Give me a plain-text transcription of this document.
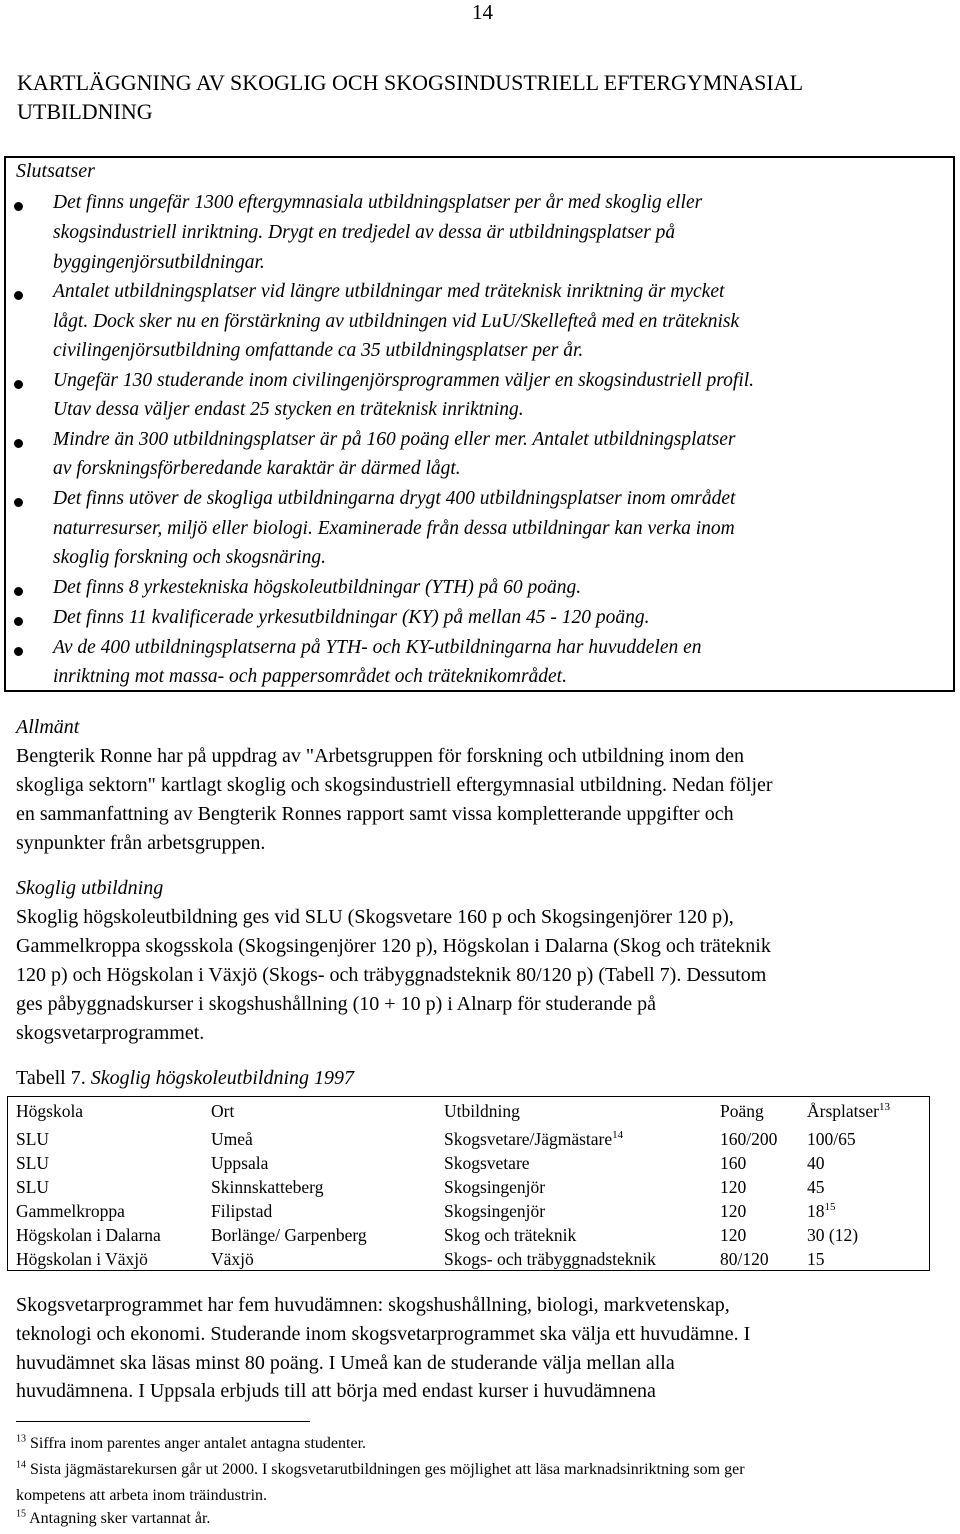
14
KARTLÄGGNING AV SKOGLIG OCH SKOGSINDUSTRIELL EFTERGYMNASIAL
UTBILDNING
Slutsatser
Det finns ungefär 1300 eftergymnasiala utbildningsplatser per år med skoglig eller
skogsindustriell inriktning. Drygt en tredjedel av dessa är utbildningsplatser på
byggingenjörsutbildningar.
Antalet utbildningsplatser vid längre utbildningar med träteknisk inriktning är mycket
lågt. Dock sker nu en förstärkning av utbildningen vid LuU/Skellefteå med en träteknisk
civilingenjörsutbildning omfattande ca 35 utbildningsplatser per år.
Ungefär 130 studerande inom civilingenjörsprogrammen väljer en skogsindustriell profil.
Utav dessa väljer endast 25 stycken en träteknisk inriktning.
Mindre än 300 utbildningsplatser är på 160 poäng eller mer. Antalet utbildningsplatser
av forskningsförberedande karaktär är därmed lågt.
Det finns utöver de skogliga utbildningarna drygt 400 utbildningsplatser inom området
naturresurser, miljö eller biologi. Examinerade från dessa utbildningar kan verka inom
skoglig forskning och skogsnäring.
Det finns 8 yrkestekniska högskoleutbildningar (YTH) på 60 poäng.
Det finns 11 kvalificerade yrkesutbildningar (KY) på mellan 45 - 120 poäng.
Av de 400 utbildningsplatserna på YTH- och KY-utbildningarna har huvuddelen en
inriktning mot massa- och pappersområdet och träteknikområdet.
Allmänt
Bengterik Ronne har på uppdrag av "Arbetsgruppen för forskning och utbildning inom den
skogliga sektorn" kartlagt skoglig och skogsindustriell eftergymnasial utbildning. Nedan följer
en sammanfattning av Bengterik Ronnes rapport samt vissa kompletterande uppgifter och
synpunkter från arbetsgruppen.
Skoglig utbildning
Skoglig högskoleutbildning ges vid SLU (Skogsvetare 160 p och Skogsingenjörer 120 p),
Gammelkroppa skogsskola (Skogsingenjörer 120 p), Högskolan i Dalarna (Skog och träteknik
120 p) och Högskolan i Växjö (Skogs- och träbyggnadsteknik 80/120 p) (Tabell 7). Dessutom
ges påbyggnadskurser i skogshushållning (10 + 10 p) i Alnarp för studerande på
skogsvetarprogrammet.
Tabell 7. Skoglig högskoleutbildning 1997
Högskola	Ort	Utbildning	Poäng Årsplatser$^{13}$
SLU	Umeå	Skogsvetare/Jägmästare$^{14}$	160/200 100/65
SLU	Uppsala	Skogsvetare	160	40
SLU	Skinnskatteberg	Skogsingenjör	120	45
Gammelkroppa	Filipstad	Skogsingenjör	120	$18^{15}$
Högskolan i Dalarna	Borlänge/ Garpenberg	Skog och träteknik	120	30 (12)
Högskolan i Växjö	Växjö	Skogs- och träbyggnadsteknik	80/120 15
Skogsvetarprogrammet har fem huvudämnen: skogshushållning, biologi, markvetenskap,
teknologi och ekonomi. Studerande inom skogsvetarprogrammet ska välja ett huvudämne. I
huvudämnet ska läsas minst 80 poäng. I Umeå kan de studerande välja mellan alla
huvudämnena. I Uppsala erbjuds till att börja med endast kurser i huvudämnena
$^{13}$ Siffra inom parentes anger antalet antagna studenter.
$^{14}$ Sista jägmästarekursen går ut 2000. I skogsvetarutbildningen ges möjlighet att läsa marknadsinriktning som ger
kompetens att arbeta inom träindustrin.
$^{15}$ Antagning sker vartannat år.
